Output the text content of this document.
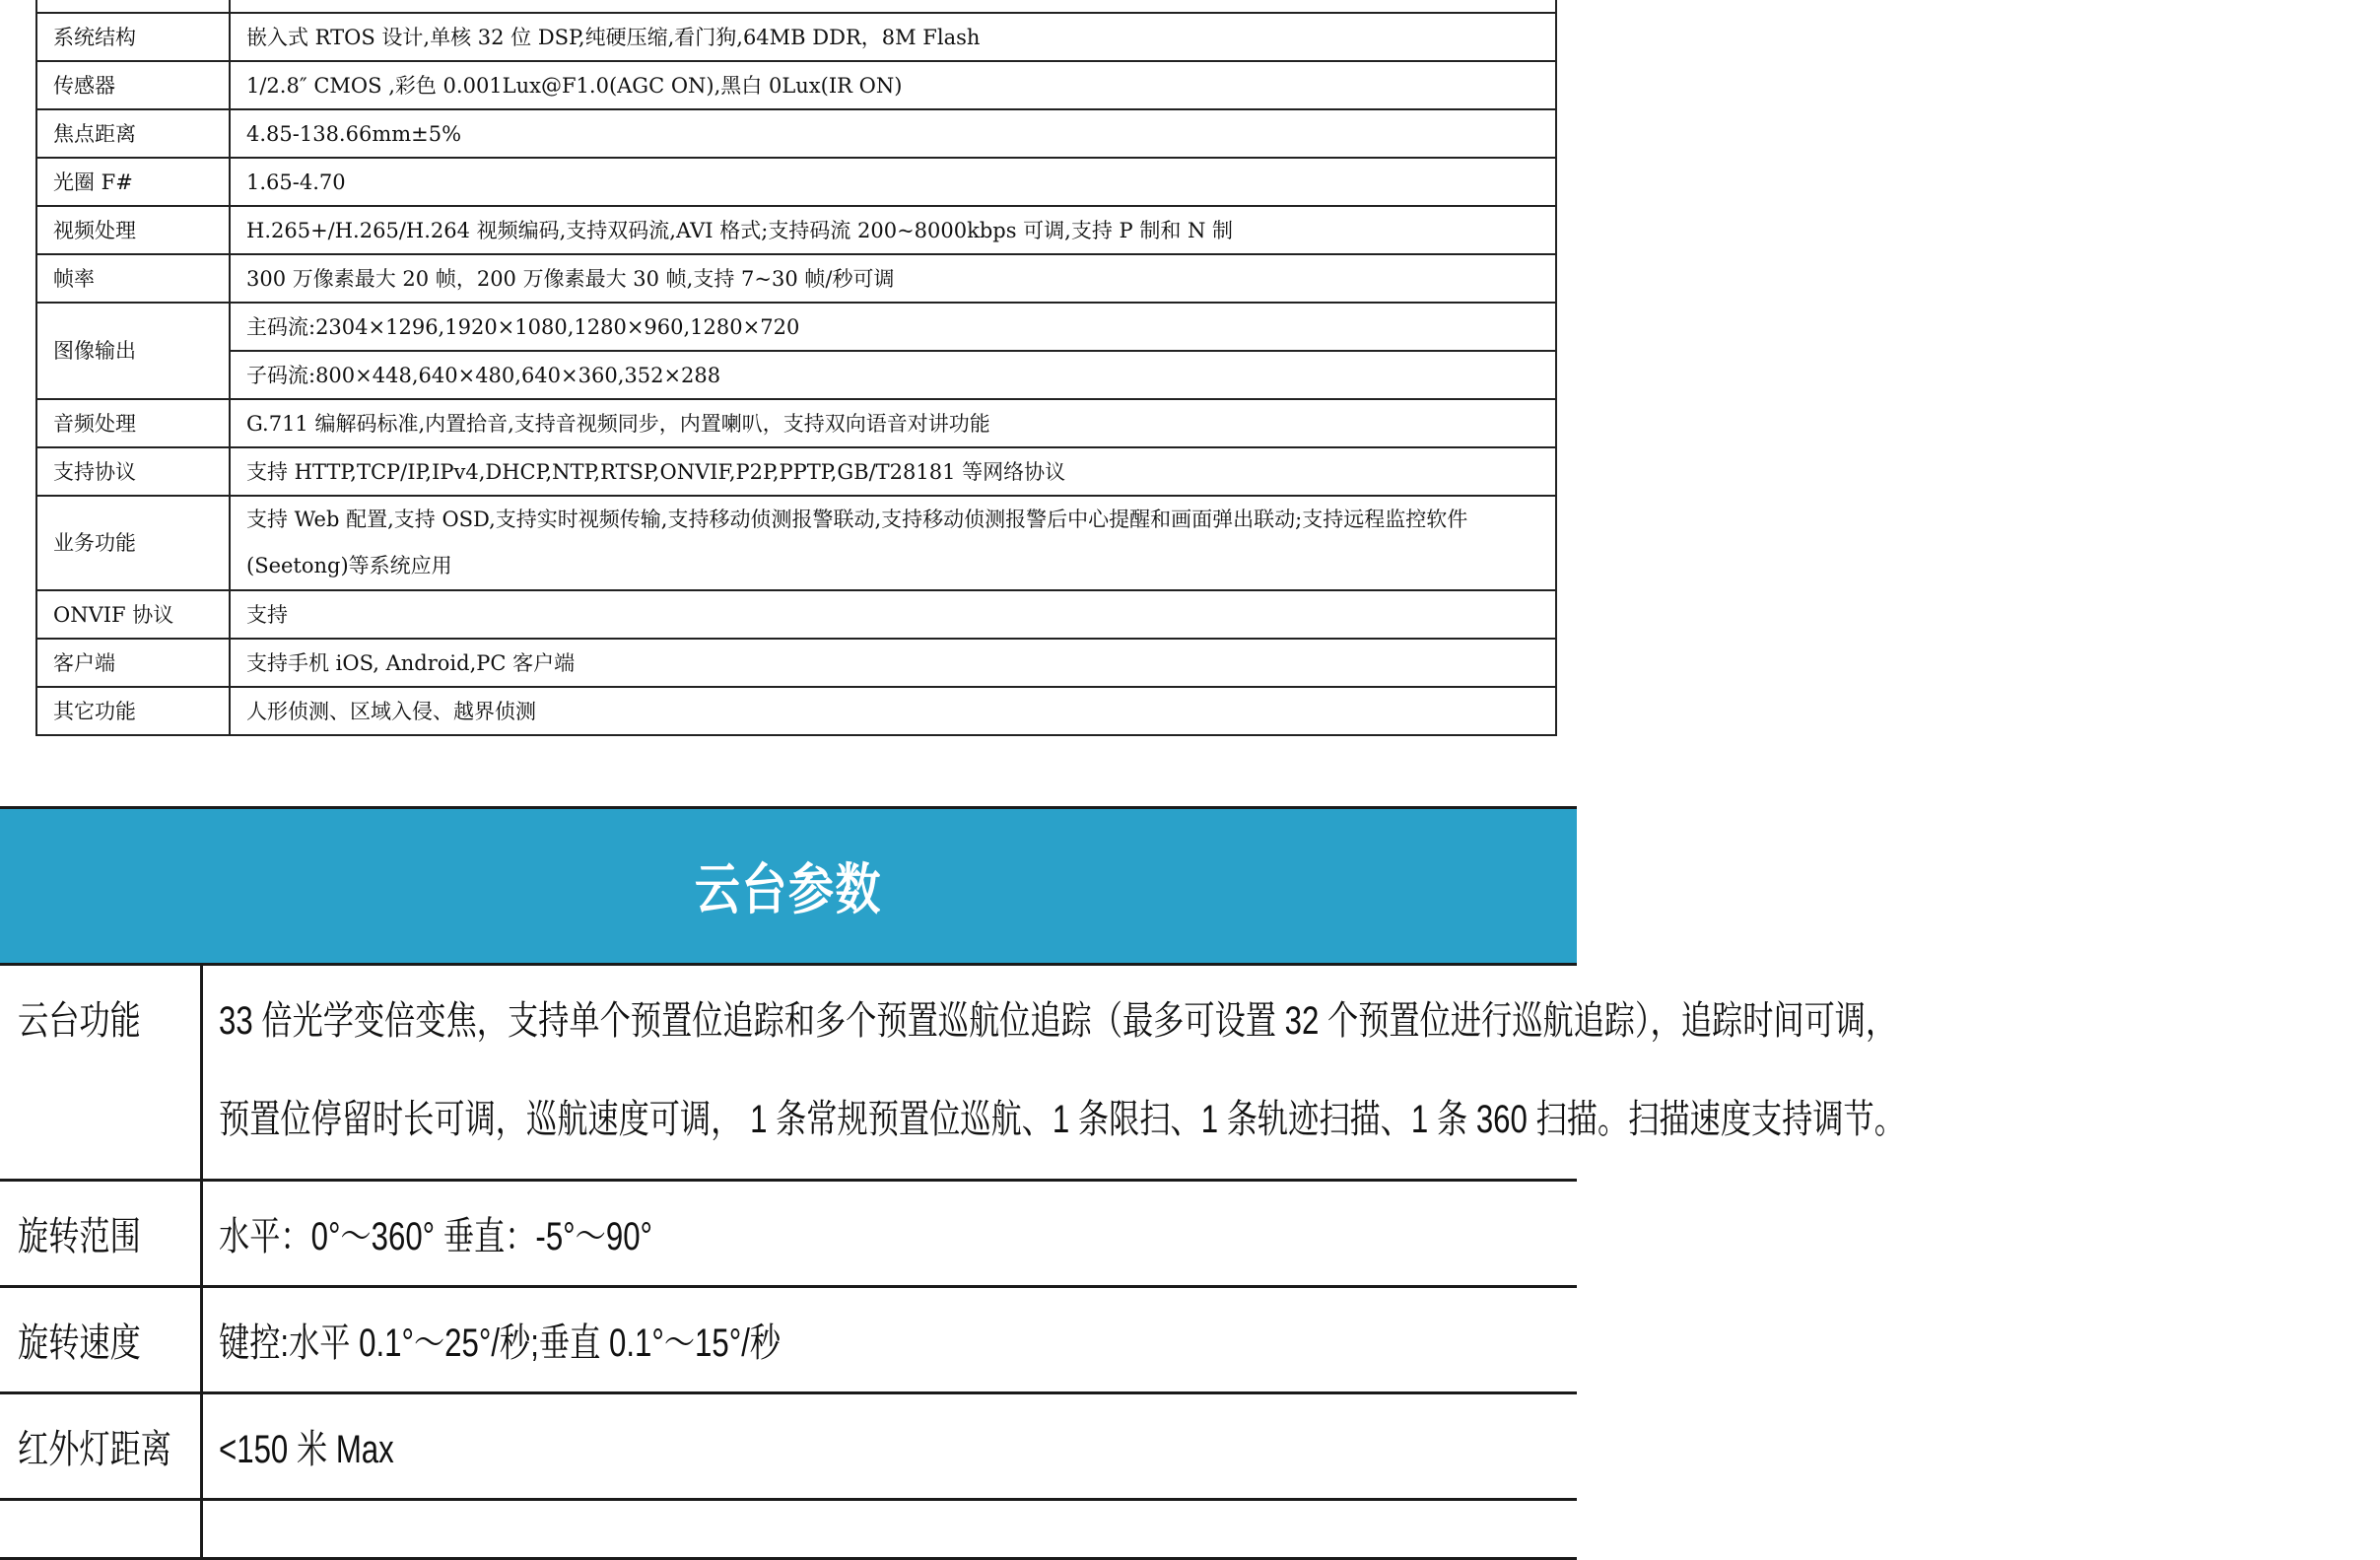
系统结构	嵌入式 RTOS 设计,单核 32 位 DSP,纯硬压缩,看门狗,64MB DDR，8M Flash
传感器	1/2.8″ CMOS ,彩色 0.001Lux@F1.0(AGC ON),黑白 0Lux(IR ON)
焦点距离	4.85-138.66mm±5%
光圈 F#	1.65-4.70
视频处理	H.265+/H.265/H.264 视频编码,支持双码流,AVI 格式;支持码流 200~8000kbps 可调,支持 P 制和 N 制
帧率	300 万像素最大 20 帧，200 万像素最大 30 帧,支持 7~30 帧/秒可调
图像输出	主码流:2304×1296,1920×1080,1280×960,1280×720
	子码流:800×448,640×480,640×360,352×288
音频处理	G.711 编解码标准,内置拾音,支持音视频同步，内置喇叭，支持双向语音对讲功能
支持协议	支持 HTTP,TCP/IP,IPv4,DHCP,NTP,RTSP,ONVIF,P2P,PPTP,GB/T28181 等网络协议
业务功能	支持 Web 配置,支持 OSD,支持实时视频传输,支持移动侦测报警联动,支持移动侦测报警后中心提醒和画面弹出联动;支持远程监控软件(Seetong)等系统应用
ONVIF 协议	支持
客户端	支持手机 iOS, Android,PC 客户端
其它功能	人形侦测、区域入侵、越界侦测
云台参数
云台功能	33 倍光学变倍变焦，支持单个预置位追踪和多个预置巡航位追踪（最多可设置 32 个预置位进行巡航追踪），追踪时间可调，
预置位停留时长可调，巡航速度可调， 1 条常规预置位巡航、1 条限扫、1 条轨迹扫描、1 条 360 扫描。扫描速度支持调节。

旋转范围	水平：0°～360° 垂直：-5°～90°
旋转速度	键控:水平 0.1°～25°/秒;垂直 0.1°～15°/秒
红外灯距离	<150 米 Max
